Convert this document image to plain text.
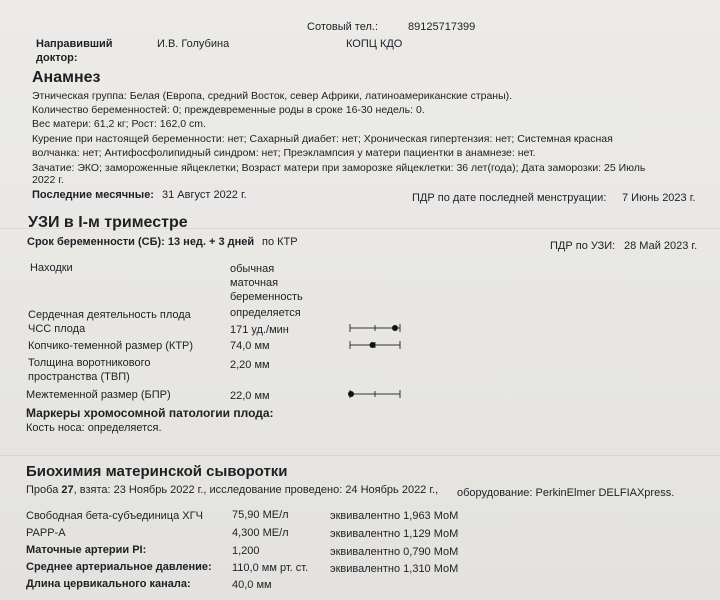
Сотовый тел.:	89125717399
Направивший
доктор:
И.В. Голубина	КОПЦ КДО
Анамнез
Этническая группа: Белая (Европа, средний Восток, север Африки, латиноамериканские страны).
Количество беременностей: 0; преждевременные роды в сроке 16-30 недель: 0.
Вес матери: 61,2 кг; Рост: 162,0 cm.
Курение при настоящей беременности: нет; Сахарный диабет: нет; Хроническая гипертензия: нет; Системная красная
волчанка: нет; Антифосфолипидный синдром: нет; Преэклампсия у матери пациентки в анамнезе: нет.
Зачатие: ЭКО; замороженные яйцеклетки; Возраст матери при заморозке яйцеклетки: 36 лет(года); Дата заморозки: 25 Июль
2022 г.
Последние месячные: 31 Август 2022 г.	ПДР по дате последней менструации: 7 Июнь 2023 г.
УЗИ в I-м триместре
Срок беременности (СБ): 13 нед. + 3 дней по КТР	ПДР по УЗИ: 28 Май 2023 г.
Находки	обычная маточная беременность
Сердечная деятельность плода	определяется
ЧСС плода	171 уд./мин
Копчико-теменной размер (КТР)	74,0 мм
Толщина воротникового пространства (ТВП)
2,20 мм
Межтеменной размер (БПР)	22,0 мм
Маркеры хромосомной патологии плода:
Кость носа: определяется.
Биохимия материнской сыворотки
Проба 27, взята: 23 Ноябрь 2022 г., исследование проведено: 24 Ноябрь 2022 г., оборудование: PerkinElmer DELFIAXpress.
Свободная бета-субъединица ХГЧ	75,90 МЕ/л	эквивалентно 1,963 МоМ
PAPP-A	4,300 МЕ/л	эквивалентно 1,129 МоМ
Маточные артерии PI:	1,200	эквивалентно 0,790 МоМ
Среднее артериальное давление: 110,0 мм рт. ст. эквивалентно 1,310 МоМ
Длина цервикального канала:	40,0 мм
